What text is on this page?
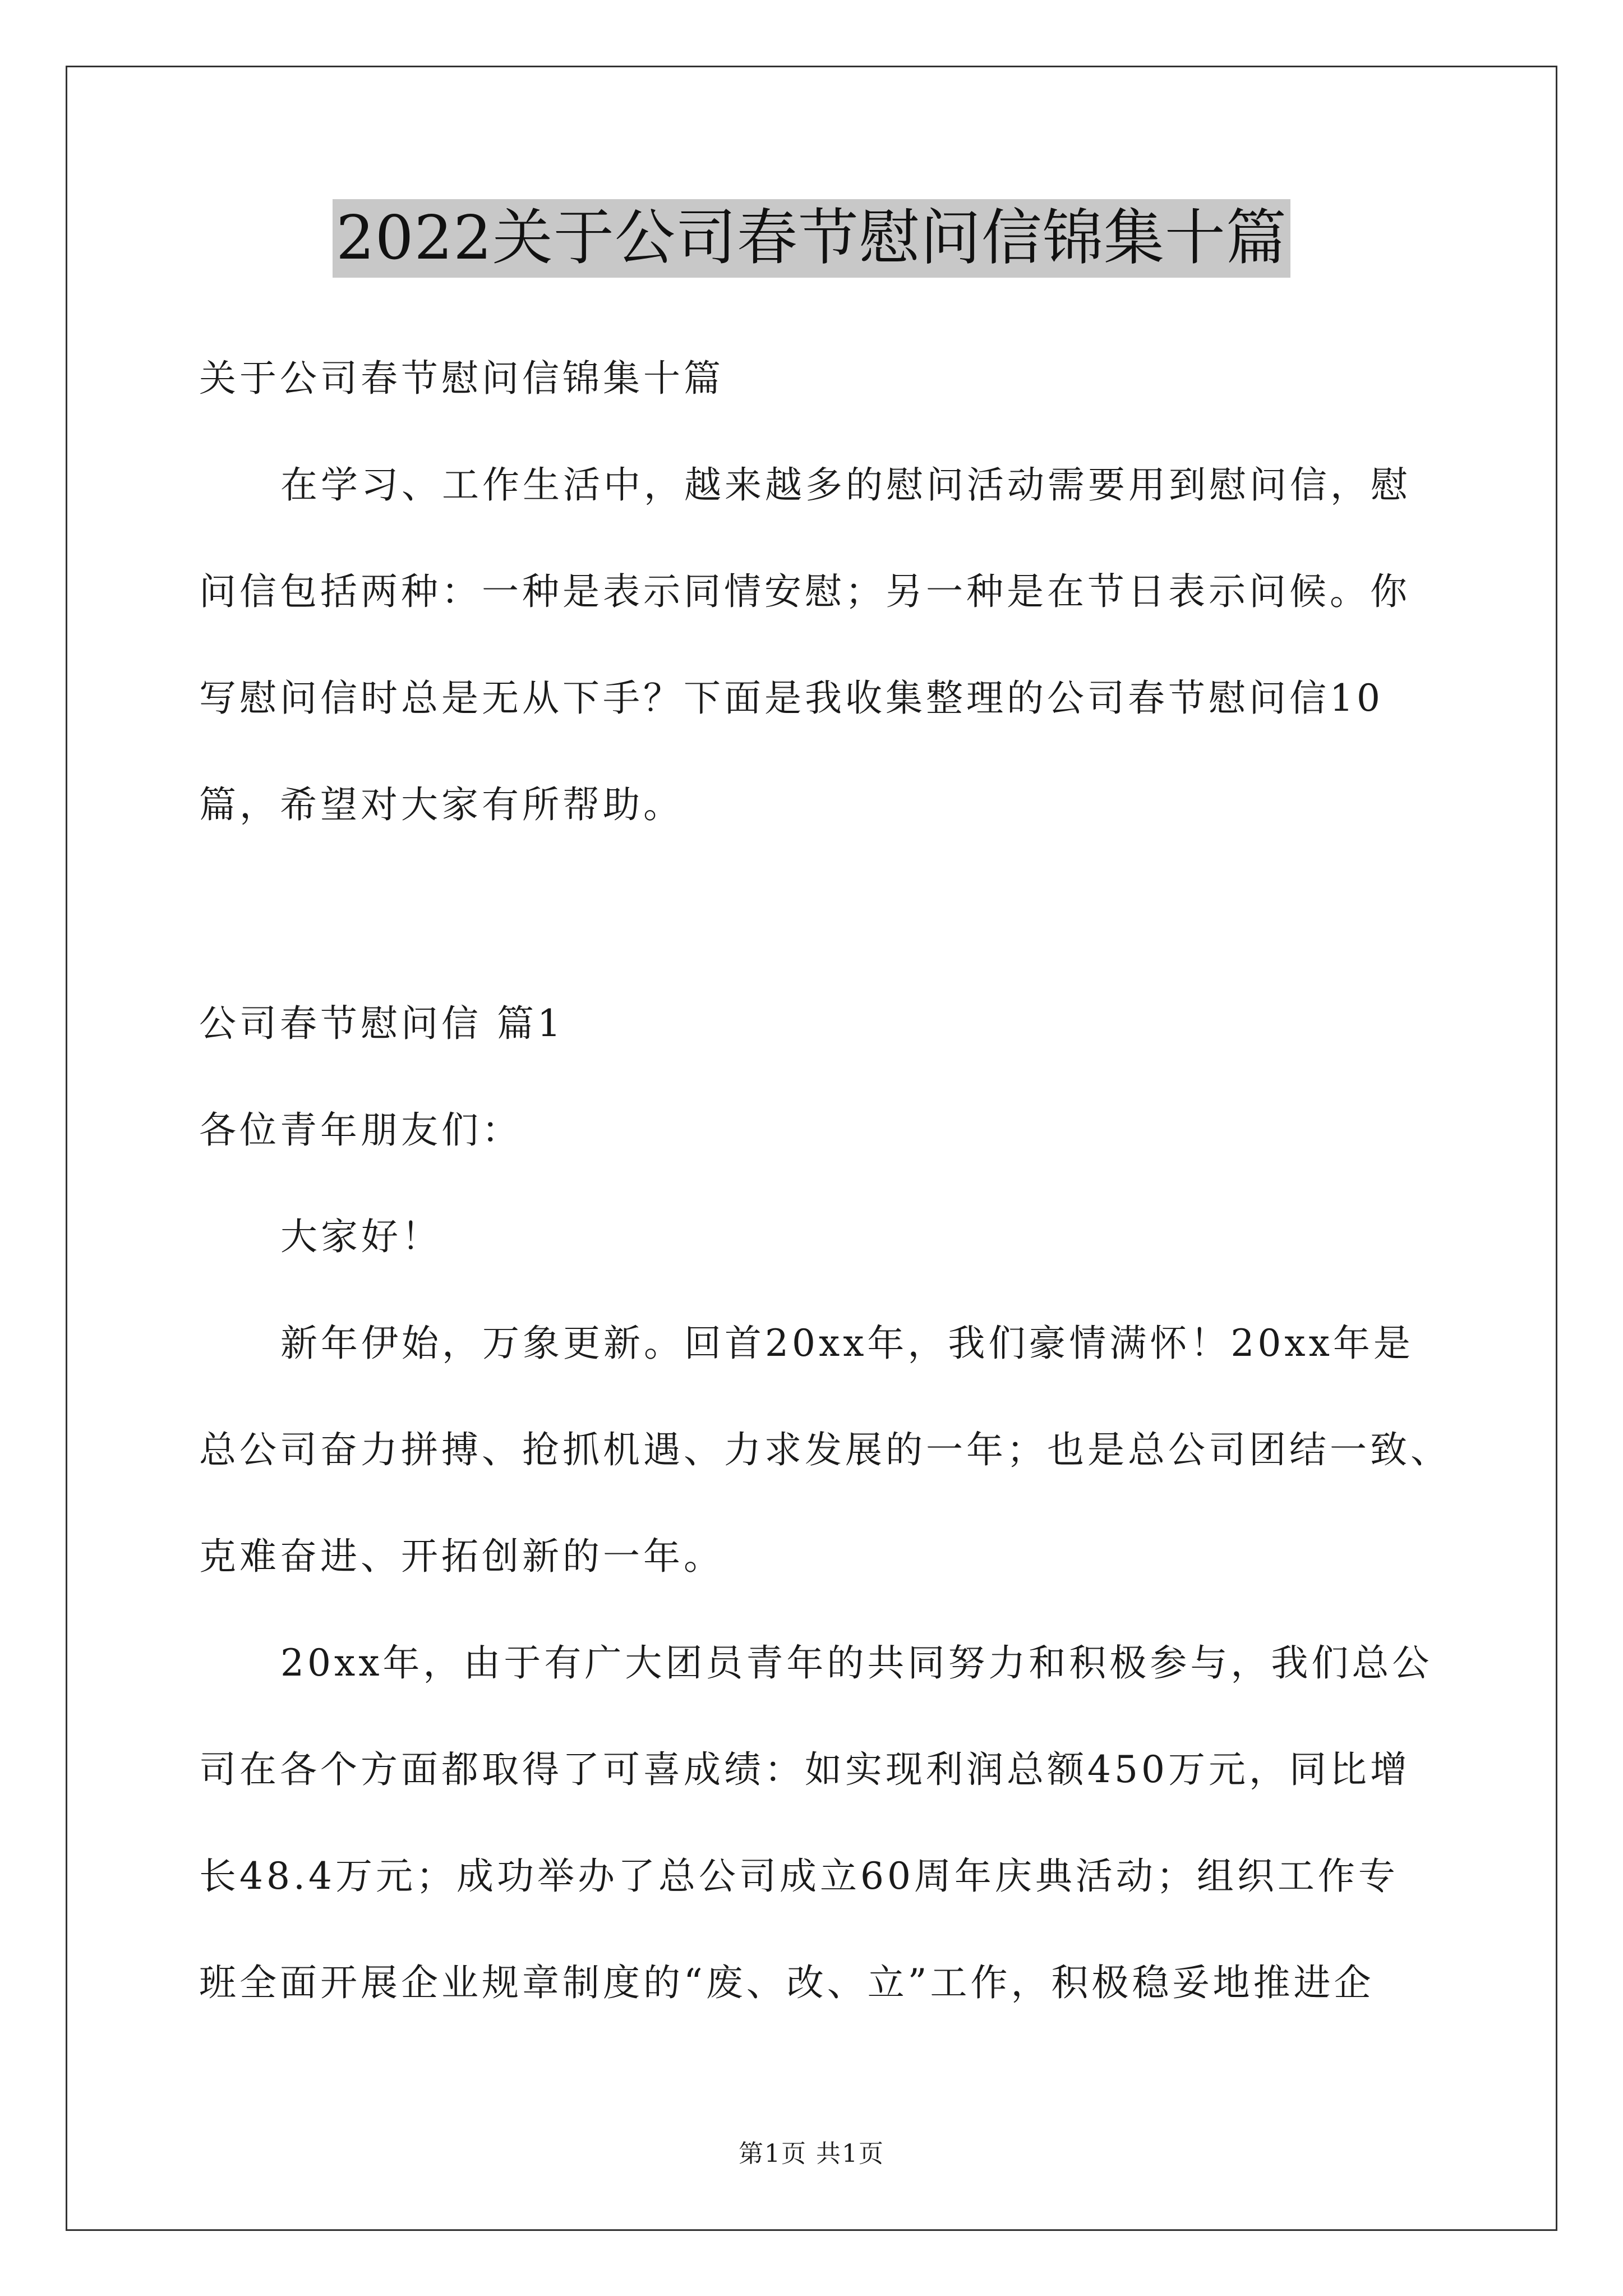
2022关于公司春节慰问信锦集十篇
关于公司春节慰问信锦集十篇
在学习、工作生活中，越来越多的慰问活动需要用到慰问信，慰
问信包括两种：一种是表示同情安慰；另一种是在节日表示问候。你
写慰问信时总是无从下手？下面是我收集整理的公司春节慰问信10
篇，希望对大家有所帮助。
公司春节慰问信 篇1
各位青年朋友们：
大家好！
新年伊始，万象更新。回首20xx年，我们豪情满怀！20xx年是
总公司奋力拼搏、抢抓机遇、力求发展的一年；也是总公司团结一致、
克难奋进、开拓创新的一年。
20xx年，由于有广大团员青年的共同努力和积极参与，我们总公
司在各个方面都取得了可喜成绩：如实现利润总额450万元，同比增
长48.4万元；成功举办了总公司成立60周年庆典活动；组织工作专
班全面开展企业规章制度的“废、改、立”工作，积极稳妥地推进企
第1页 共1页
